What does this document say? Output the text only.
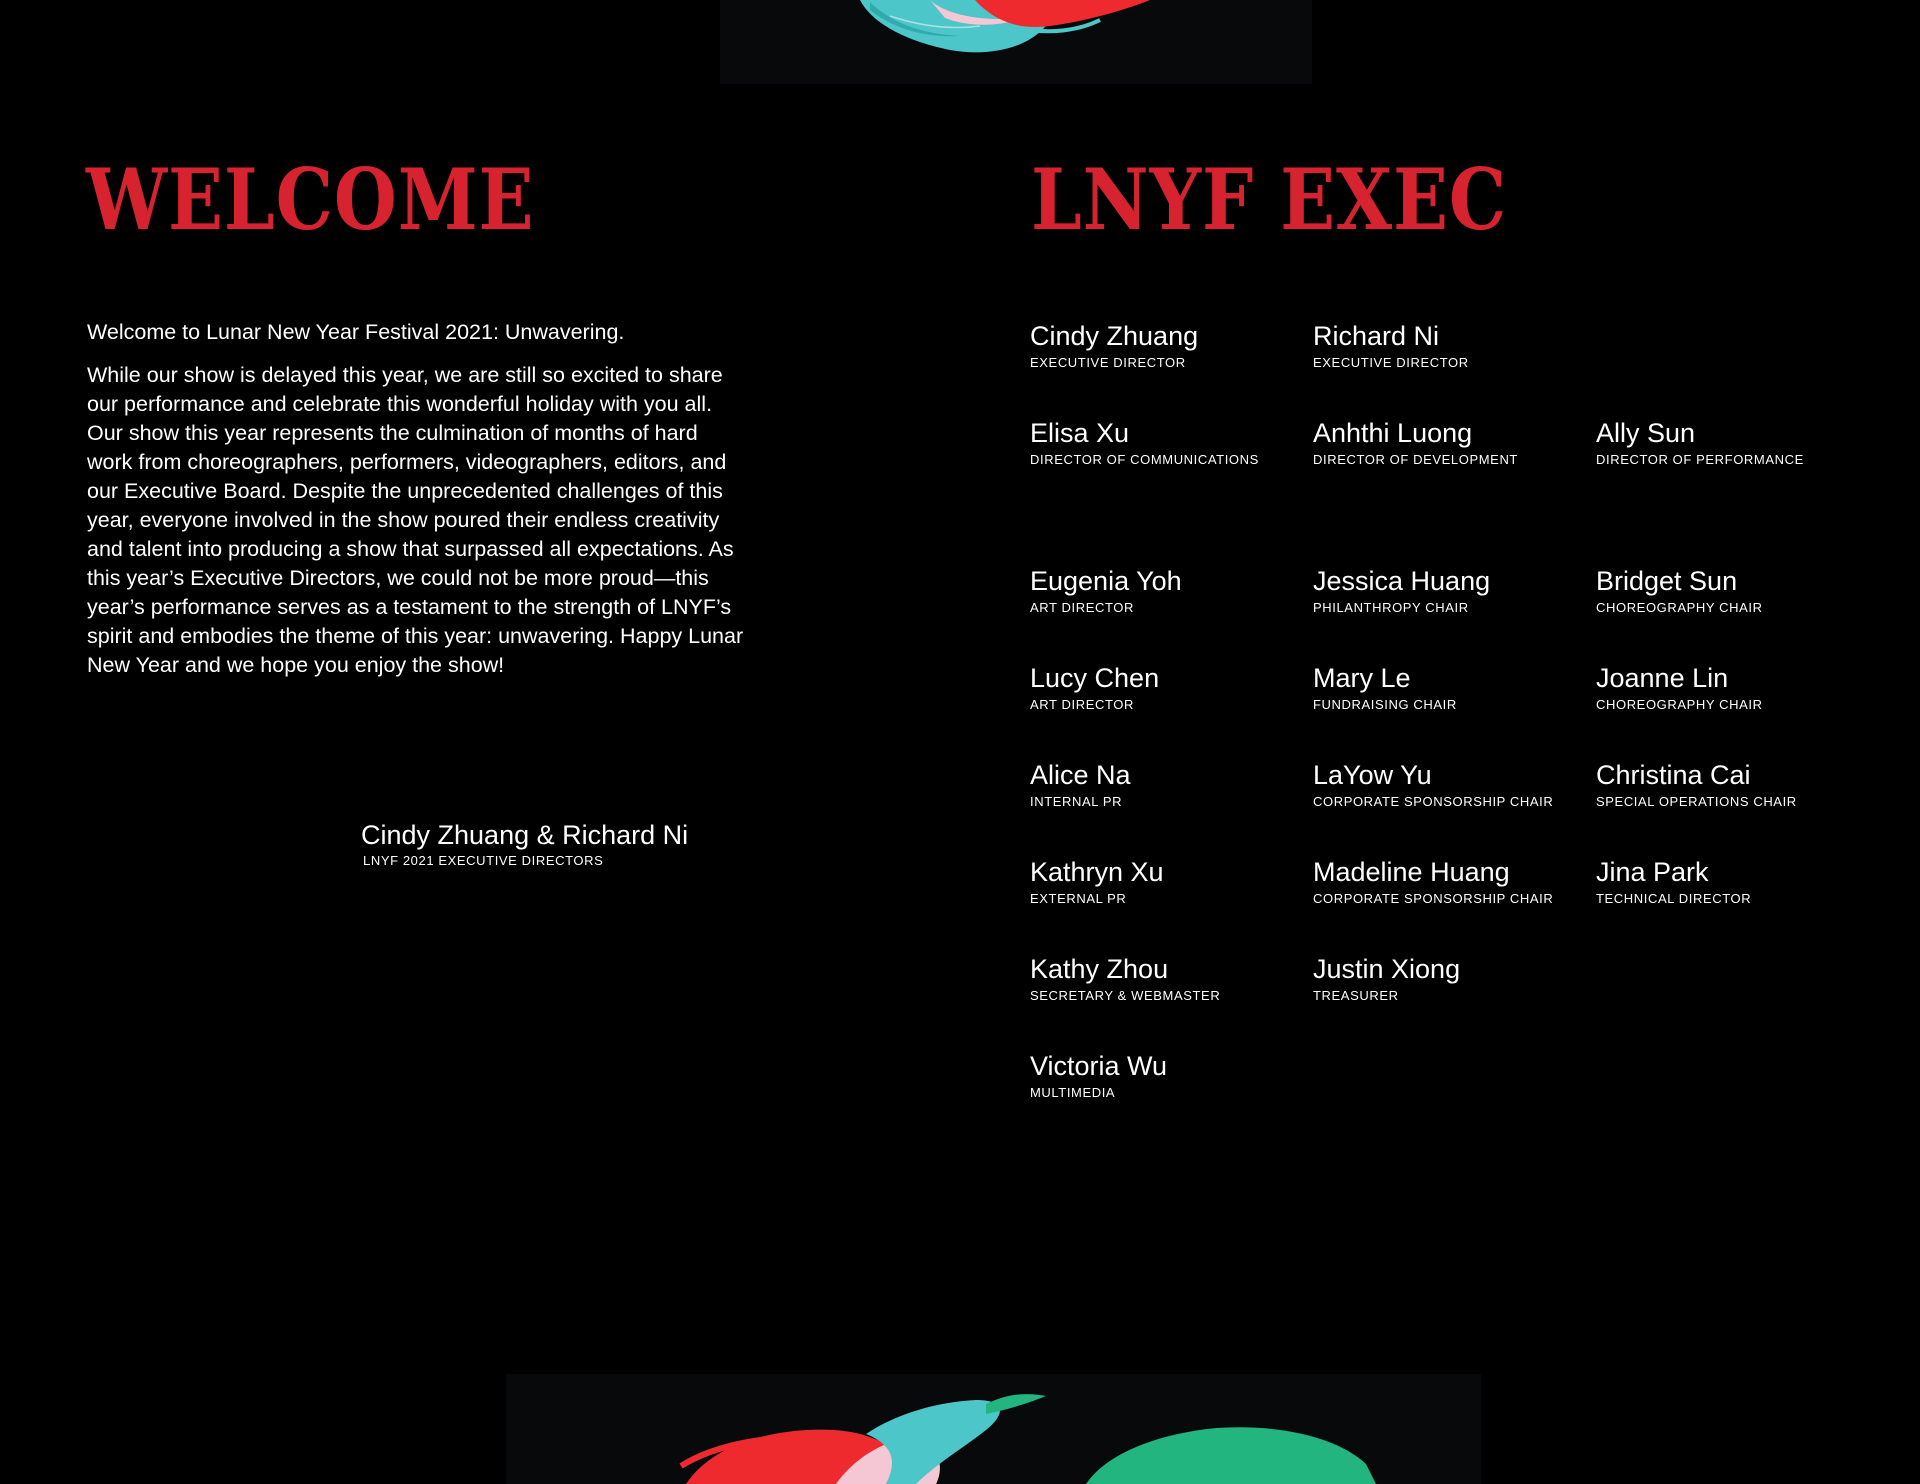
WELCOME

Welcome to Lunar New Year Festival 2021: Unwavering.

While our show is delayed this year, we are still so excited to share our performance and celebrate this wonderful holiday with you all. Our show this year represents the culmination of months of hard work from choreographers, performers, videographers, editors, and our Executive Board. Despite the unprecedented challenges of this year, everyone involved in the show poured their endless creativity and talent into producing a show that surpassed all expectations. As this year’s Executive Directors, we could not be more proud—this year’s performance serves as a testament to the strength of LNYF’s spirit and embodies the theme of this year: unwavering. Happy Lunar New Year and we hope you enjoy the show!

Cindy Zhuang & Richard Ni
LNYF 2021 EXECUTIVE DIRECTORS
LNYF EXEC
Cindy Zhuang
EXECUTIVE DIRECTOR
Richard Ni
EXECUTIVE DIRECTOR
Elisa Xu
DIRECTOR OF COMMUNICATIONS
Anhthi Luong
DIRECTOR OF DEVELOPMENT
Ally Sun
DIRECTOR OF PERFORMANCE
Eugenia Yoh
ART DIRECTOR
Jessica Huang
PHILANTHROPY CHAIR
Bridget Sun
CHOREOGRAPHY CHAIR
Lucy Chen
ART DIRECTOR
Mary Le
FUNDRAISING CHAIR
Joanne Lin
CHOREOGRAPHY CHAIR
Alice Na
INTERNAL PR
LaYow Yu
CORPORATE SPONSORSHIP CHAIR
Christina Cai
SPECIAL OPERATIONS CHAIR
Kathryn Xu
EXTERNAL PR
Madeline Huang
CORPORATE SPONSORSHIP CHAIR
Jina Park
TECHNICAL DIRECTOR
Kathy Zhou
SECRETARY & WEBMASTER
Justin Xiong
TREASURER
Victoria Wu
MULTIMEDIA
